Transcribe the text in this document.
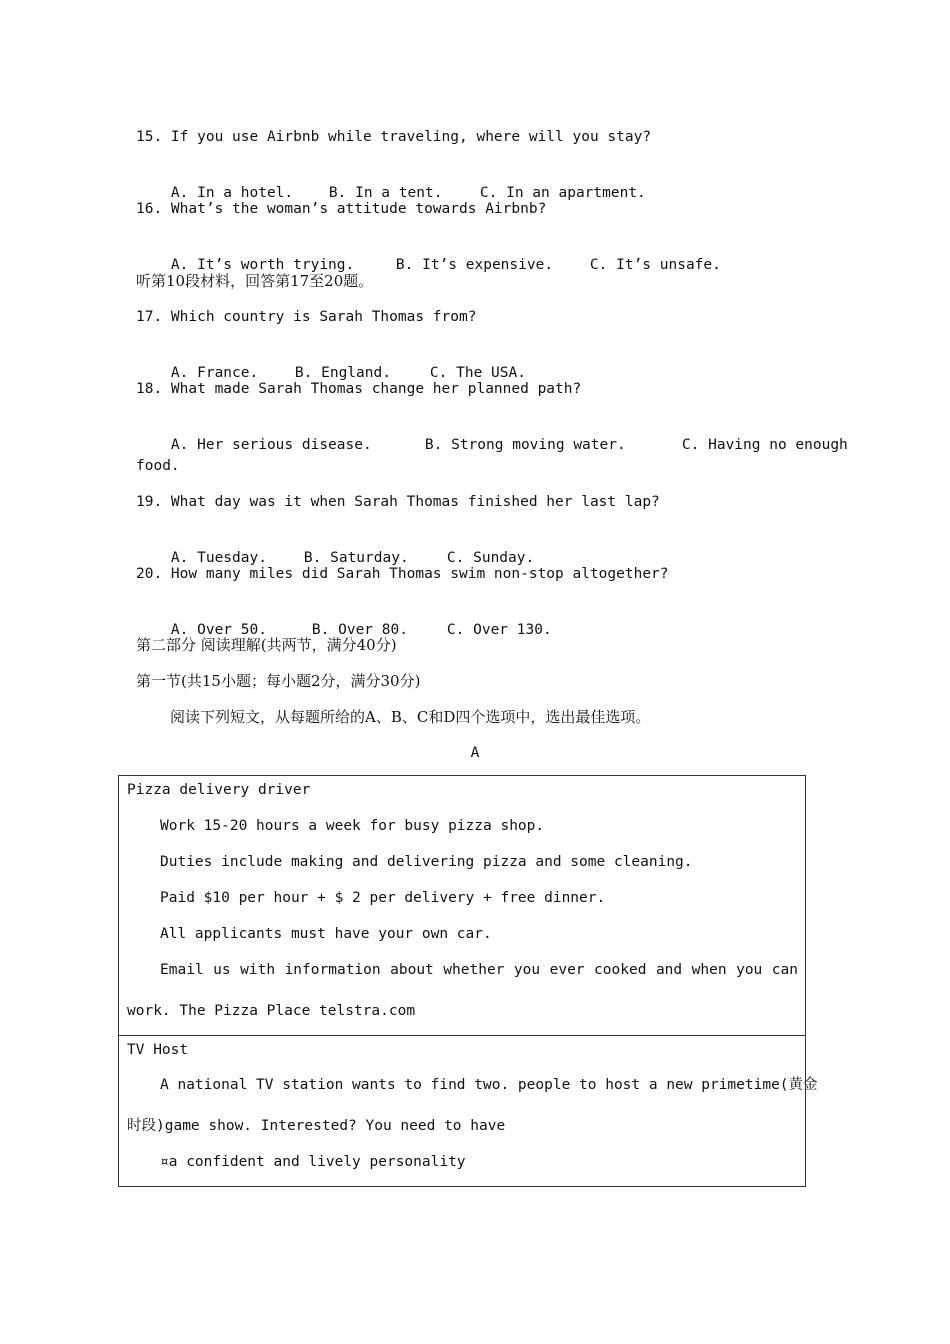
15. If you use Airbnb while traveling, where will you stay?

A. In a hotel. B. In a tent.	C. In an apartment.

16. What’s the woman’s attitude towards Airbnb?

A. It’s worth trying.	B. It’s expensive.	C. It’s unsafe.

听第10段材料，回答第17至20题。
17. Which country is Sarah Thomas from?

A. France.	B. England.	C. The USA.

18. What made Sarah Thomas change her planned path?

A. Her serious disease.	B. Strong moving water.	C. Having no enough

food.
19. What day was it when Sarah Thomas finished her last lap?

A. Tuesday.	B. Saturday.	C. Sunday.

20. How many miles did Sarah Thomas swim non-stop altogether?

A. Over 50.	B. Over 80.	C. Over 130.

第二部分 阅读理解(共两节，满分40分)
第一节(共15小题；每小题2分，满分30分)
阅读下列短文，从每题所给的A、B、C和D四个选项中，选出最佳选项。
A
Pizza delivery driver
Work 15-20 hours a week for busy pizza shop.
Duties include making and delivering pizza and some cleaning.
Paid $10 per hour + $ 2 per delivery + free dinner.
All applicants must have your own car.
Email us with information about whether you ever cooked and when you can
work. The Pizza Place telstra.com
TV Host
A national TV station wants to find two. people to host a new primetime(黄金
时段)game show. Interested? You need to have
¤a confident and lively personality
